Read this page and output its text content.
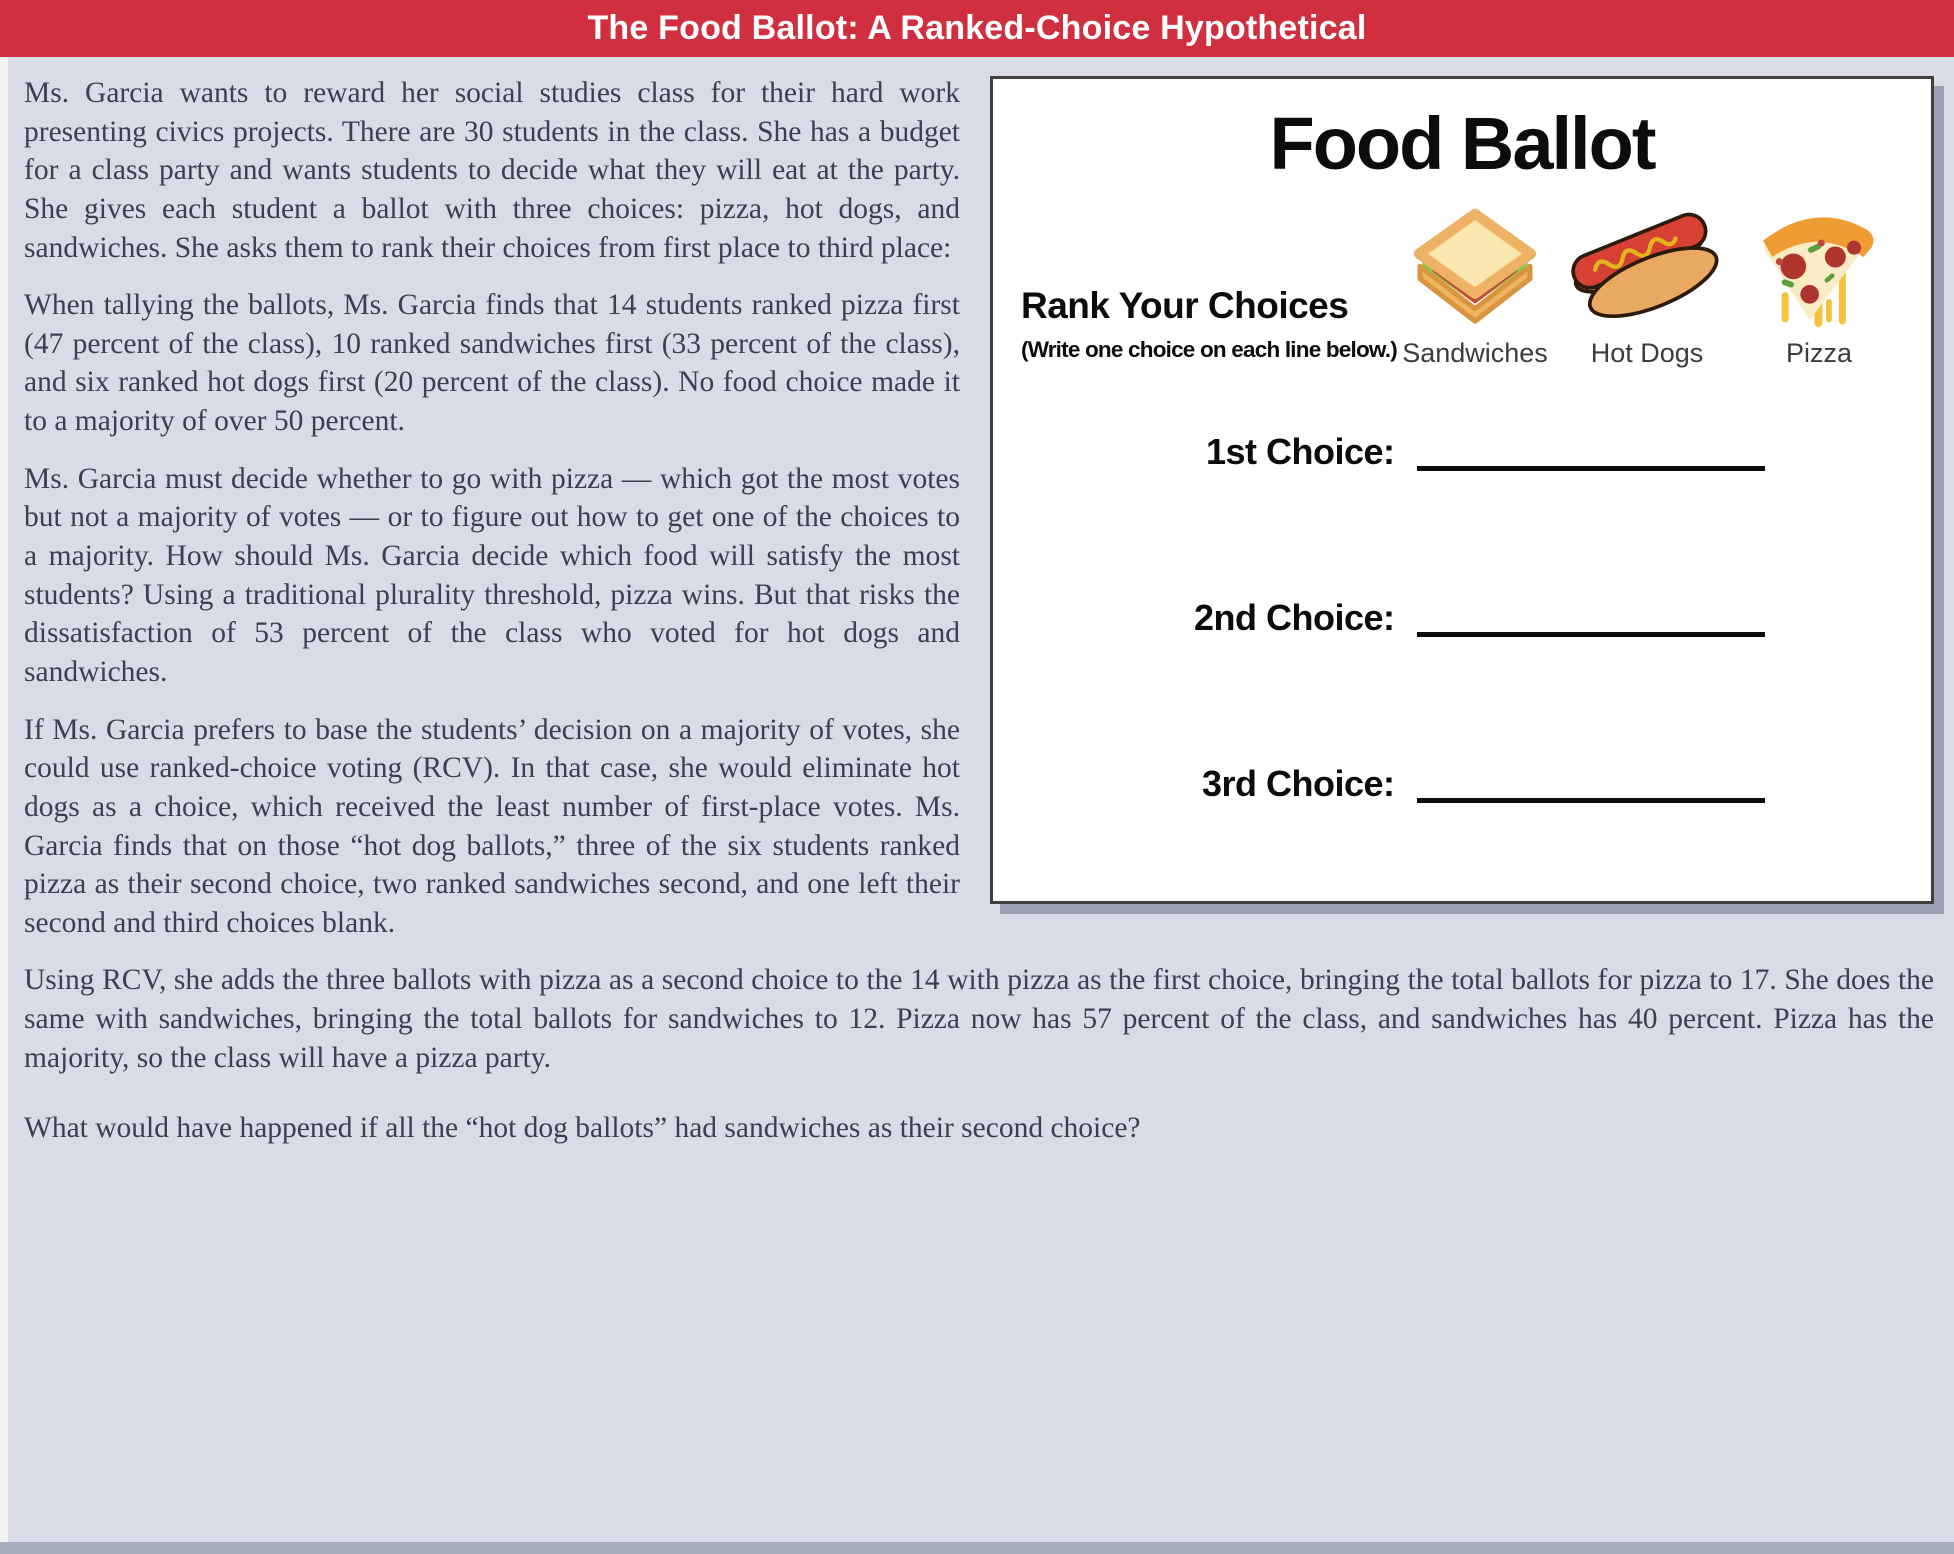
The Food Ballot: A Ranked-Choice Hypothetical
Food Ballot
Rank Your Choices
(Write one choice on each line below.) Sandwiches Hot Dogs	Pizza
1st Choice:
2nd Choice:
3rd Choice:

Ms. Garcia wants to reward her social studies class for their hard work presenting civics projects. There are 30 students in the class. She has a budget for a class party and wants students to decide what they will eat at the party. She gives each student a ballot with three choices: pizza, hot dogs, and sandwiches. She asks them to rank their choices from first place to third place:

When tallying the ballots, Ms. Garcia finds that 14 students ranked pizza first (47 percent of the class), 10 ranked sandwiches first (33 percent of the class), and six ranked hot dogs first (20 percent of the class). No food choice made it to a majority of over 50 percent.

Ms. Garcia must decide whether to go with pizza — which got the most votes but not a majority of votes — or to figure out how to get one of the choices to a majority. How should Ms. Garcia decide which food will satisfy the most students? Using a traditional plurality threshold, pizza wins. But that risks the dissatisfaction of 53 percent of the class who voted for hot dogs and sandwiches.

If Ms. Garcia prefers to base the students’ decision on a majority of votes, she could use ranked-choice voting (RCV). In that case, she would eliminate hot dogs as a choice, which received the least number of first-place votes. Ms. Garcia finds that on those “hot dog ballots,” three of the six students ranked pizza as their second choice, two ranked sandwiches second, and one left their second and third choices blank.

Using RCV, she adds the three ballots with pizza as a second choice to the 14 with pizza as the first choice, bringing the total ballots for pizza to 17. She does the same with sandwiches, bringing the total ballots for sandwiches to 12. Pizza now has 57 percent of the class, and sandwiches has 40 percent. Pizza has the majority, so the class will have a pizza party.

What would have happened if all the “hot dog ballots” had sandwiches as their second choice?
